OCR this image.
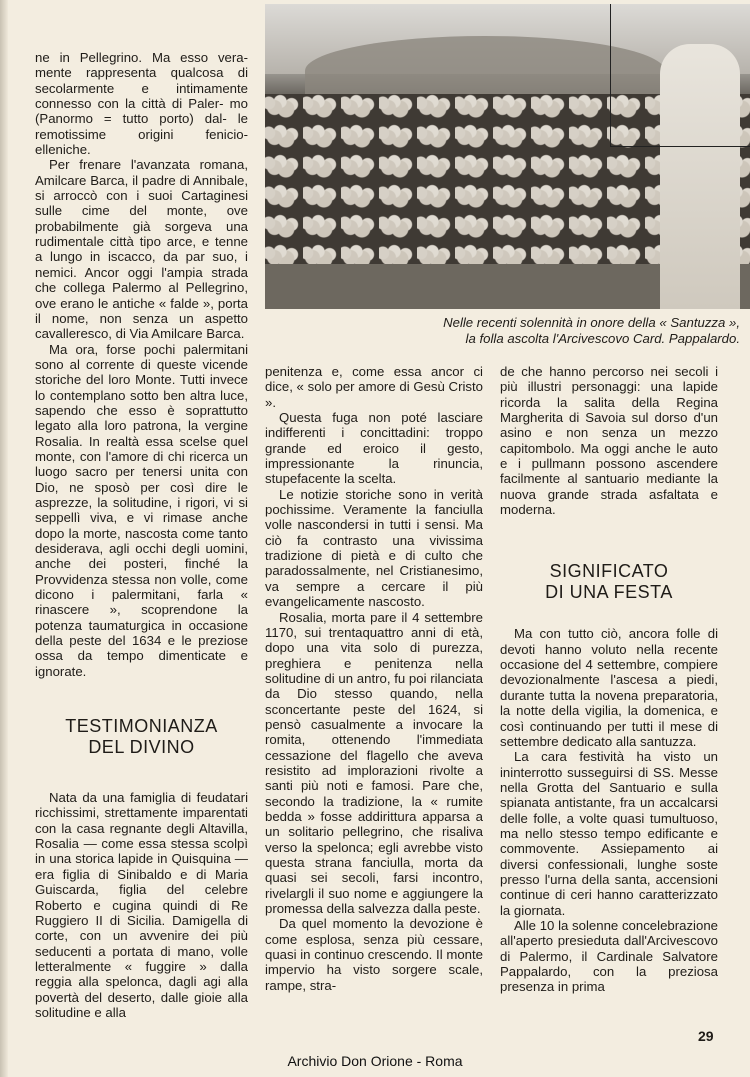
Nelle recenti solennità in onore della « Santuzza »,
la folla ascolta l'Arcivescovo Card. Pappalardo.

ne in Pellegrino. Ma esso vera- mente rappresenta qualcosa di secolarmente e intimamente connesso con la città di Paler- mo (Panormo = tutto porto) dal- le remotissime origini fenicio- elleniche.

Per frenare l'avanzata romana, Amilcare Barca, il padre di Annibale, si arroccò con i suoi Cartaginesi sulle cime del monte, ove probabilmente già sorgeva una rudimentale città tipo arce, e tenne a lungo in iscacco, da par suo, i nemici. Ancor oggi l'ampia strada che collega Palermo al Pellegrino, ove erano le antiche « falde », porta il nome, non senza un aspetto cavalleresco, di Via Amilcare Barca.

Ma ora, forse pochi palermitani sono al corrente di queste vicende storiche del loro Monte. Tutti invece lo contemplano sotto ben altra luce, sapendo che esso è soprattutto legato alla loro patrona, la vergine Rosalia. In realtà essa scelse quel monte, con l'amore di chi ricerca un luogo sacro per tenersi unita con Dio, ne sposò per così dire le asprezze, la solitudine, i rigori, vi si seppellì viva, e vi rimase anche dopo la morte, nascosta come tanto desiderava, agli occhi degli uomini, anche dei posteri, finché la Provvidenza stessa non volle, come dicono i palermitani, farla « rinascere », scoprendone la potenza taumaturgica in occasione della peste del 1634 e le preziose ossa da tempo dimenticate e ignorate.

TESTIMONIANZA
DEL DIVINO

Nata da una famiglia di feudatari ricchissimi, strettamente imparentati con la casa regnante degli Altavilla, Rosalia — come essa stessa scolpì in una storica lapide in Quisquina — era figlia di Sinibaldo e di Maria Guiscarda, figlia del celebre Roberto e cugina quindi di Re Ruggiero II di Sicilia. Damigella di corte, con un avvenire dei più seducenti a portata di mano, volle letteralmente « fuggire » dalla reggia alla spelonca, dagli agi alla povertà del deserto, dalle gioie alla solitudine e alla

penitenza e, come essa ancor ci dice, « solo per amore di Gesù Cristo ».

Questa fuga non poté lasciare indifferenti i concittadini: troppo grande ed eroico il gesto, impressionante la rinuncia, stupefacente la scelta.

Le notizie storiche sono in verità pochissime. Veramente la fanciulla volle nascondersi in tutti i sensi. Ma ciò fa contrasto una vivissima tradizione di pietà e di culto che paradossalmente, nel Cristianesimo, va sempre a cercare il più evangelicamente nascosto.

Rosalia, morta pare il 4 settembre 1170, sui trentaquattro anni di età, dopo una vita solo di purezza, preghiera e penitenza nella solitudine di un antro, fu poi rilanciata da Dio stesso quando, nella sconcertante peste del 1624, si pensò casualmente a invocare la romita, ottenendo l'immediata cessazione del flagello che aveva resistito ad implorazioni rivolte a santi più noti e famosi. Pare che, secondo la tradizione, la « rumite bedda » fosse addirittura apparsa a un solitario pellegrino, che risaliva verso la spelonca; egli avrebbe visto questa strana fanciulla, morta da quasi sei secoli, farsi incontro, rivelargli il suo nome e aggiungere la promessa della salvezza dalla peste.

Da quel momento la devozione è come esplosa, senza più cessare, quasi in continuo crescendo. Il monte impervio ha visto sorgere scale, rampe, stra-

de che hanno percorso nei secoli i più illustri personaggi: una lapide ricorda la salita della Regina Margherita di Savoia sul dorso d'un asino e non senza un mezzo capitombolo. Ma oggi anche le auto e i pullmann possono ascendere facilmente al santuario mediante la nuova grande strada asfaltata e moderna.

SIGNIFICATO
DI UNA FESTA

Ma con tutto ciò, ancora folle di devoti hanno voluto nella recente occasione del 4 settembre, compiere devozionalmente l'ascesa a piedi, durante tutta la novena preparatoria, la notte della vigilia, la domenica, e così continuando per tutti il mese di settembre dedicato alla santuzza.

La cara festività ha visto un ininterrotto susseguirsi di SS. Messe nella Grotta del Santuario e sulla spianata antistante, fra un accalcarsi delle folle, a volte quasi tumultuoso, ma nello stesso tempo edificante e commovente. Assiepamento ai diversi confessionali, lunghe soste presso l'urna della santa, accensioni continue di ceri hanno caratterizzato la giornata.

Alle 10 la solenne concelebrazione all'aperto presieduta dall'Arcivescovo di Palermo, il Cardinale Salvatore Pappalardo, con la preziosa presenza in prima

29
Archivio Don Orione - Roma
